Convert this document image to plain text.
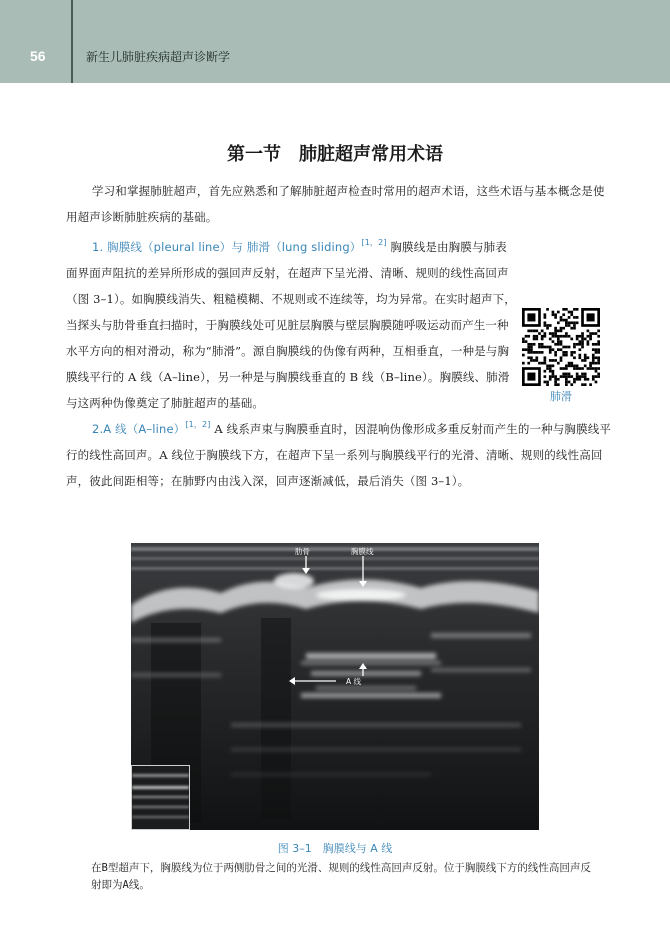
56	新生儿肺脏疾病超声诊断学
第一节　肺脏超声常用术语

学习和掌握肺脏超声，首先应熟悉和了解肺脏超声检查时常用的超声术语，这些术语与基本概念是使用超声诊断肺脏疾病的基础。

1. 胸膜线（pleural line）与 肺滑（lung sliding）[1，2] 胸膜线是由胸膜与肺表面界面声阻抗的差异所形成的强回声反射，在超声下呈光滑、清晰、规则的线性高回声（图 3–1）。如胸膜线消失、粗糙模糊、不规则或不连续等，均为异常。在实时超声下，当探头与肋骨垂直扫描时，于胸膜线处可见脏层胸膜与壁层胸膜随呼吸运动而产生一种水平方向的相对滑动，称为“肺滑”。源自胸膜线的伪像有两种，互相垂直，一种是与胸膜线平行的 A 线（A–line），另一种是与胸膜线垂直的 B 线（B–line）。胸膜线、肺滑与这两种伪像奠定了肺脏超声的基础。	肺滑
2.A 线（A–line）[1，2] A 线系声束与胸膜垂直时，因混响伪像形成多重反射而产生的一种与胸膜线平行的线性高回声。A 线位于胸膜线下方，在超声下呈一系列与胸膜线平行的光滑、清晰、规则的线性高回声，彼此间距相等；在肺野内由浅入深，回声逐渐减低，最后消失（图 3–1）。
肋骨	胸膜线
A 线
图 3–1　胸膜线与 A 线
在B型超声下，胸膜线为位于两侧肋骨之间的光滑、规则的线性高回声反射。位于胸膜线下方的线性高回声反射即为A线。
